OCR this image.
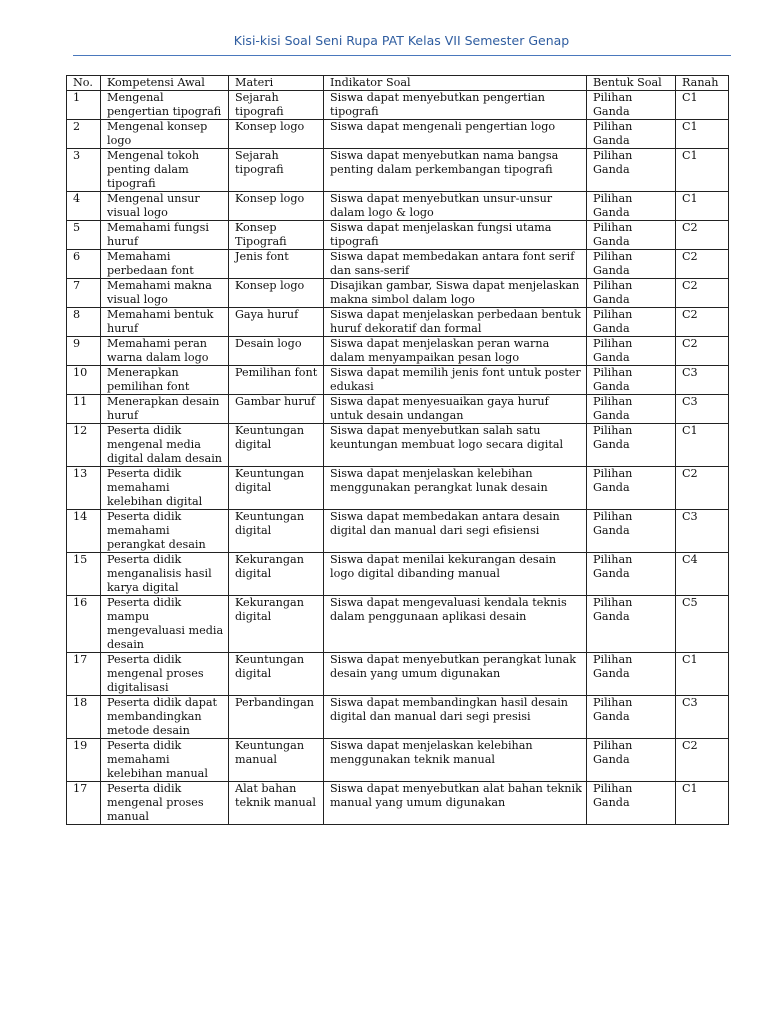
Kisi-kisi Soal Seni Rupa PAT Kelas VII Semester Genap
No.	Kompetensi Awal	Materi	Indikator Soal	Bentuk Soal	Ranah
1	Mengenal pengertian tipografi	Sejarah tipografi	Siswa dapat menyebutkan pengertian tipografi	Pilihan Ganda	C1
2	Mengenal konsep logo	Konsep logo	Siswa dapat mengenali pengertian logo	Pilihan Ganda	C1
3	Mengenal tokoh penting dalam tipografi	Sejarah tipografi	Siswa dapat menyebutkan nama bangsa penting dalam perkembangan tipografi	Pilihan Ganda	C1
4	Mengenal unsur visual logo	Konsep logo	Siswa dapat menyebutkan unsur-unsur dalam logo & logo	Pilihan Ganda	C1
5	Memahami fungsi huruf	Konsep Tipografi	Siswa dapat menjelaskan fungsi utama tipografi	Pilihan Ganda	C2
6	Memahami perbedaan font	Jenis font	Siswa dapat membedakan antara font serif dan sans-serif	Pilihan Ganda	C2
7	Memahami makna visual logo	Konsep logo	Disajikan gambar, Siswa dapat menjelaskan makna simbol dalam logo	Pilihan Ganda	C2
8	Memahami bentuk huruf	Gaya huruf	Siswa dapat menjelaskan perbedaan bentuk huruf dekoratif dan formal	Pilihan Ganda	C2
9	Memahami peran warna dalam logo	Desain logo	Siswa dapat menjelaskan peran warna dalam menyampaikan pesan logo	Pilihan Ganda	C2
10	Menerapkan pemilihan font	Pemilihan font	Siswa dapat memilih jenis font untuk poster edukasi	Pilihan Ganda	C3
11	Menerapkan desain huruf	Gambar huruf	Siswa dapat menyesuaikan gaya huruf untuk desain undangan	Pilihan Ganda	C3
12	Peserta didik mengenal media digital dalam desain	Keuntungan digital	Siswa dapat menyebutkan salah satu keuntungan membuat logo secara digital	Pilihan Ganda	C1
13	Peserta didik memahami kelebihan digital	Keuntungan digital	Siswa dapat menjelaskan kelebihan menggunakan perangkat lunak desain	Pilihan Ganda	C2
14	Peserta didik memahami perangkat desain	Keuntungan digital	Siswa dapat membedakan antara desain digital dan manual dari segi efisiensi	Pilihan Ganda	C3
15	Peserta didik menganalisis hasil karya digital	Kekurangan digital	Siswa dapat menilai kekurangan desain logo digital dibanding manual	Pilihan Ganda	C4
16	Peserta didik mampu mengevaluasi media desain	Kekurangan digital	Siswa dapat mengevaluasi kendala teknis dalam penggunaan aplikasi desain	Pilihan Ganda	C5
17	Peserta didik mengenal proses digitalisasi	Keuntungan digital	Siswa dapat menyebutkan perangkat lunak desain yang umum digunakan	Pilihan Ganda	C1
18	Peserta didik dapat membandingkan metode desain	Perbandingan	Siswa dapat membandingkan hasil desain digital dan manual dari segi presisi	Pilihan Ganda	C3
19	Peserta didik memahami kelebihan manual	Keuntungan manual	Siswa dapat menjelaskan kelebihan menggunakan teknik manual	Pilihan Ganda	C2
17	Peserta didik mengenal proses manual	Alat bahan teknik manual	Siswa dapat menyebutkan alat bahan teknik manual yang umum digunakan	Pilihan Ganda	C1
